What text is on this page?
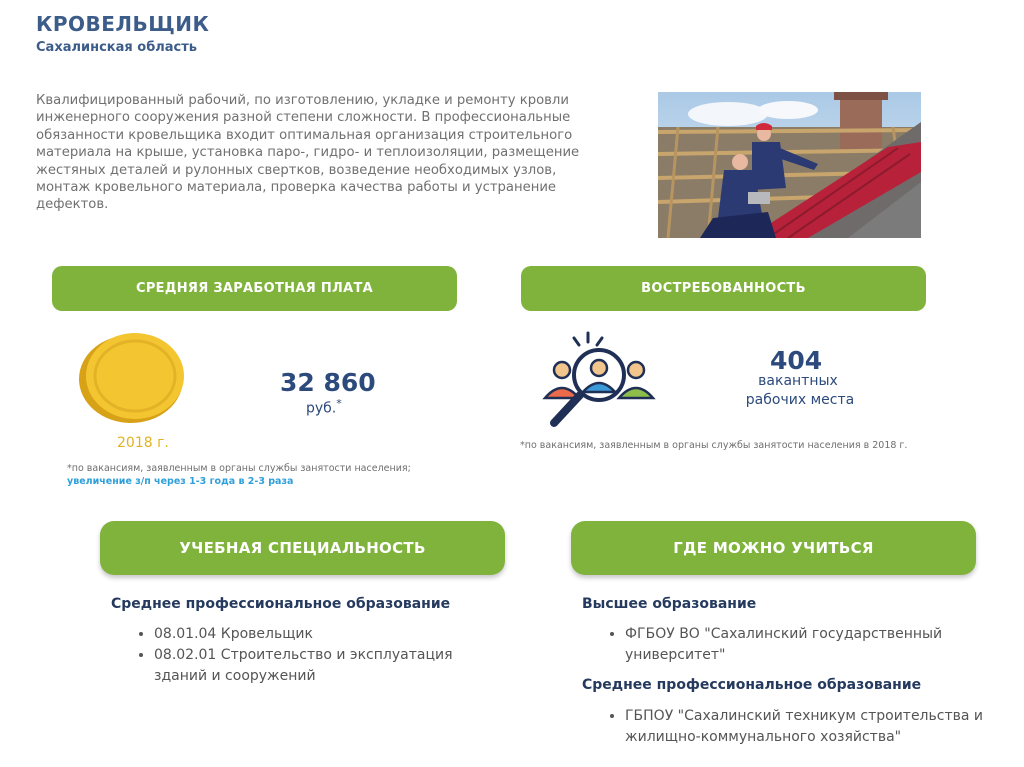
КРОВЕЛЬЩИК
Сахалинская область

Квалифицированный рабочий, по изготовлению, укладке и ремонту кровли инженерного сооружения разной степени сложности. В профессиональные обязанности кровельщика входит оптимальная организация строительного материала на крыше, установка паро-, гидро- и теплоизоляции, размещение жестяных деталей и рулонных свертков, возведение необходимых узлов, монтаж кровельного материала, проверка качества работы и устранение дефектов.

СРЕДНЯЯ ЗАРАБОТНАЯ ПЛАТА
2018 г.

32 860

руб.*
*по вакансиям, заявленным в органы службы занятости населения;
увеличение з/п через 1-3 года в 2-3 раза
ВОСТРЕБОВАННОСТЬ

404

вакантных
рабочих места
*по вакансиям, заявленным в органы службы занятости населения в 2018 г.
УЧЕБНАЯ СПЕЦИАЛЬНОСТЬ
Среднее профессиональное образование
• 08.01.04 Кровельщик
• 08.02.01 Строительство и эксплуатация зданий и сооружений
ГДЕ МОЖНО УЧИТЬСЯ
Высшее образование
• ФГБОУ ВО "Сахалинский государственный университет"
Среднее профессиональное образование
• ГБПОУ "Сахалинский техникум строительства и жилищно-коммунального хозяйства"
